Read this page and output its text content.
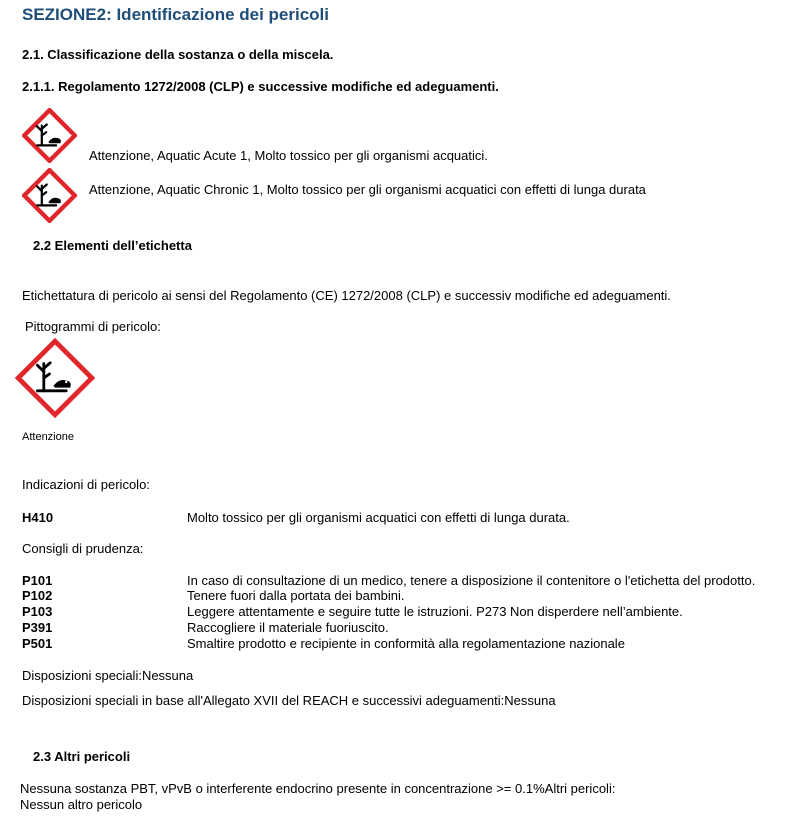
SEZIONE2: Identificazione dei pericoli
2.1. Classificazione della sostanza o della miscela.
2.1.1. Regolamento 1272/2008 (CLP) e successive modifiche ed adeguamenti.
Attenzione, Aquatic Acute 1, Molto tossico per gli organismi acquatici.
Attenzione, Aquatic Chronic 1, Molto tossico per gli organismi acquatici con effetti di lunga durata
2.2 Elementi dell’etichetta
Etichettatura di pericolo ai sensi del Regolamento (CE) 1272/2008 (CLP) e successiv modifiche ed adeguamenti.
Pittogrammi di pericolo:
Attenzione
Indicazioni di pericolo:
H410	Molto tossico per gli organismi acquatici con effetti di lunga durata.
Consigli di prudenza:
P101	In caso di consultazione di un medico, tenere a disposizione il contenitore o l'etichetta del prodotto.
P102	Tenere fuori dalla portata dei bambini.
P103	Leggere attentamente e seguire tutte le istruzioni. P273 Non disperdere nell’ambiente.
P391	Raccogliere il materiale fuoriuscito.
P501	Smaltire prodotto e recipiente in conformità alla regolamentazione nazionale
Disposizioni speciali:Nessuna
Disposizioni speciali in base all'Allegato XVII del REACH e successivi adeguamenti:Nessuna
2.3 Altri pericoli
Nessuna sostanza PBT, vPvB o interferente endocrino presente in concentrazione >= 0.1%Altri pericoli:
Nessun altro pericolo
